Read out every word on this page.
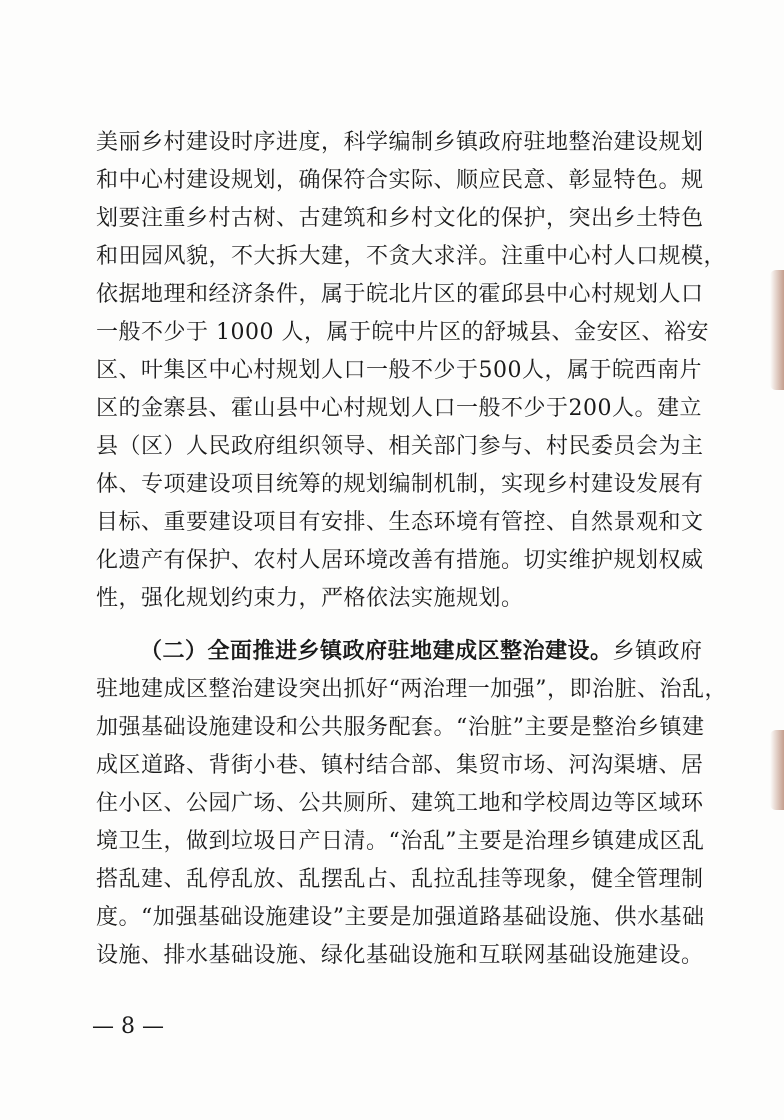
美丽乡村建设时序进度，科学编制乡镇政府驻地整治建设规划
和中心村建设规划，确保符合实际、顺应民意、彰显特色。规
划要注重乡村古树、古建筑和乡村文化的保护，突出乡土特色
和田园风貌，不大拆大建，不贪大求洋。注重中心村人口规模，
依据地理和经济条件，属于皖北片区的霍邱县中心村规划人口
一般不少于 1000 人，属于皖中片区的舒城县、金安区、裕安
区、叶集区中心村规划人口一般不少于500人，属于皖西南片
区的金寨县、霍山县中心村规划人口一般不少于200人。建立
县（区）人民政府组织领导、相关部门参与、村民委员会为主
体、专项建设项目统筹的规划编制机制，实现乡村建设发展有
目标、重要建设项目有安排、生态环境有管控、自然景观和文
化遗产有保护、农村人居环境改善有措施。切实维护规划权威
性，强化规划约束力，严格依法实施规划。
（二）全面推进乡镇政府驻地建成区整治建设。乡镇政府
驻地建成区整治建设突出抓好“两治理一加强”，即治脏、治乱，
加强基础设施建设和公共服务配套。“治脏”主要是整治乡镇建
成区道路、背街小巷、镇村结合部、集贸市场、河沟渠塘、居
住小区、公园广场、公共厕所、建筑工地和学校周边等区域环
境卫生，做到垃圾日产日清。“治乱”主要是治理乡镇建成区乱
搭乱建、乱停乱放、乱摆乱占、乱拉乱挂等现象，健全管理制
度。“加强基础设施建设”主要是加强道路基础设施、供水基础
设施、排水基础设施、绿化基础设施和互联网基础设施建设。
— 8 —
